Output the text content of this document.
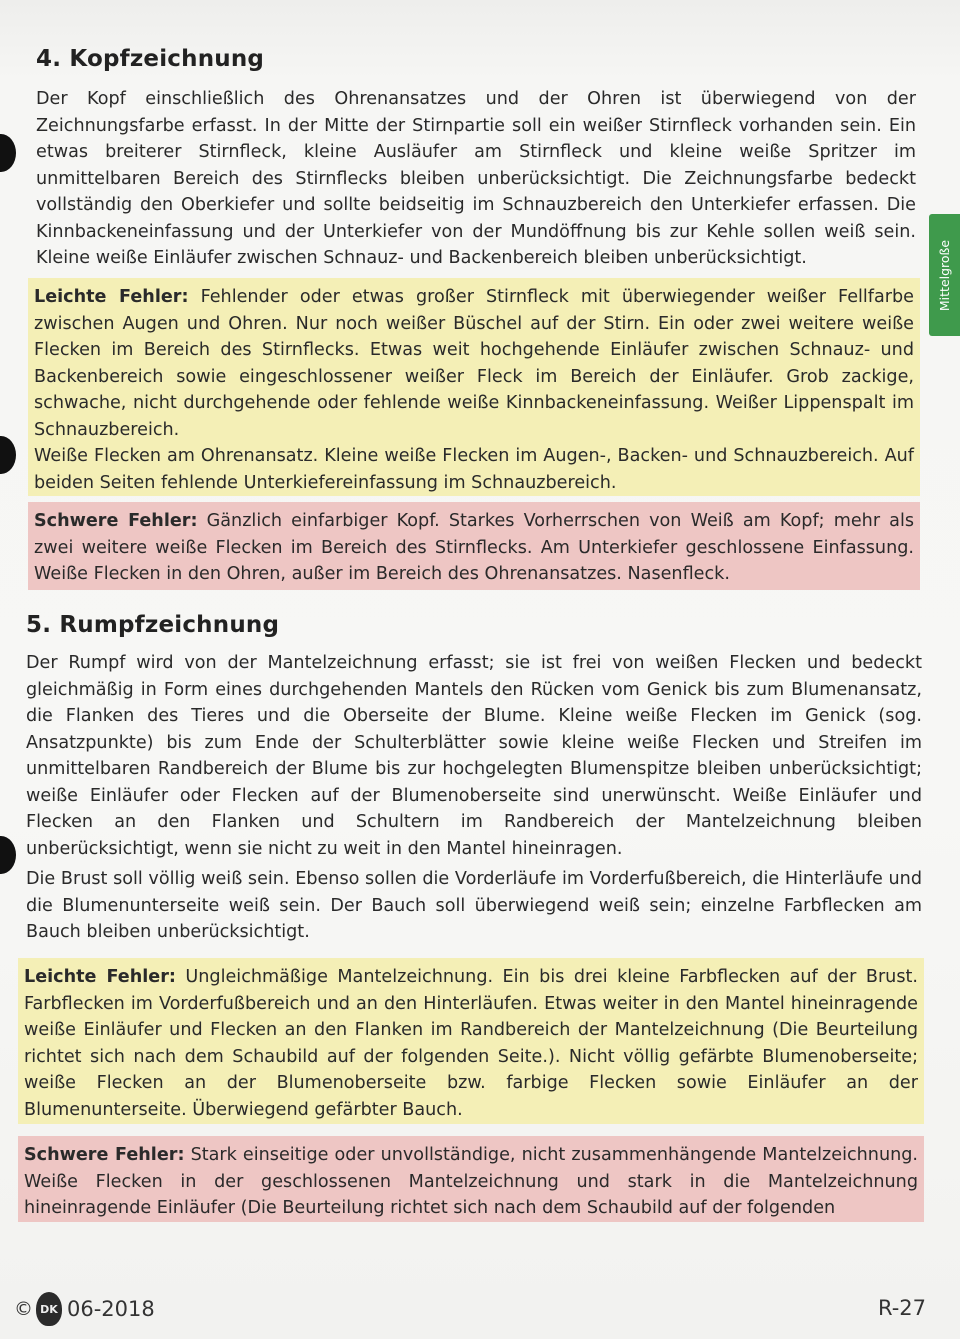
Mittelgroße
4. Kopfzeichnung

Der Kopf einschließlich des Ohrenansatzes und der Ohren ist überwiegend von der Zeichnungsfarbe erfasst. In der Mitte der Stirnpartie soll ein weißer Stirnfleck vorhanden sein. Ein etwas breiterer Stirnfleck, kleine Ausläufer am Stirnfleck und kleine weiße Spritzer im unmittelbaren Bereich des Stirnflecks bleiben unberücksichtigt. Die Zeichnungsfarbe bedeckt vollständig den Oberkiefer und sollte beidseitig im Schnauzbereich den Unterkiefer erfassen. Die Kinnbackeneinfassung und der Unterkiefer von der Mundöffnung bis zur Kehle sollen weiß sein. Kleine weiße Einläufer zwischen Schnauz- und Backenbereich bleiben unberücksichtigt.

Leichte Fehler: Fehlender oder etwas großer Stirnfleck mit überwiegender weißer Fellfarbe zwischen Augen und Ohren. Nur noch weißer Büschel auf der Stirn. Ein oder zwei weitere weiße Flecken im Bereich des Stirnflecks. Etwas weit hochgehende Einläufer zwischen Schnauz- und Backenbereich sowie eingeschlossener weißer Fleck im Bereich der Einläufer. Grob zackige, schwache, nicht durchgehende oder fehlende weiße Kinnbackeneinfassung. Weißer Lippenspalt im Schnauzbereich.

Weiße Flecken am Ohrenansatz. Kleine weiße Flecken im Augen-, Backen- und Schnauzbereich. Auf beiden Seiten fehlende Unterkiefereinfassung im Schnauzbereich.

Schwere Fehler: Gänzlich einfarbiger Kopf. Starkes Vorherrschen von Weiß am Kopf; mehr als zwei weitere weiße Flecken im Bereich des Stirnflecks. Am Unterkiefer geschlossene Einfassung. Weiße Flecken in den Ohren, außer im Bereich des Ohrenansatzes. Nasenfleck.

5. Rumpfzeichnung

Der Rumpf wird von der Mantelzeichnung erfasst; sie ist frei von weißen Flecken und bedeckt gleichmäßig in Form eines durchgehenden Mantels den Rücken vom Genick bis zum Blumenansatz, die Flanken des Tieres und die Oberseite der Blume. Kleine weiße Flecken im Genick (sog. Ansatzpunkte) bis zum Ende der Schulterblätter sowie kleine weiße Flecken und Streifen im unmittelbaren Randbereich der Blume bis zur hochgelegten Blumenspitze bleiben unberücksichtigt; weiße Einläufer oder Flecken auf der Blumenoberseite sind unerwünscht. Weiße Einläufer und Flecken an den Flanken und Schultern im Randbereich der Mantelzeichnung bleiben unberücksichtigt, wenn sie nicht zu weit in den Mantel hineinragen.

Die Brust soll völlig weiß sein. Ebenso sollen die Vorderläufe im Vorderfußbereich, die Hinterläufe und die Blumenunterseite weiß sein. Der Bauch soll überwiegend weiß sein; einzelne Farbflecken am Bauch bleiben unberücksichtigt.

Leichte Fehler: Ungleichmäßige Mantelzeichnung. Ein bis drei kleine Farbflecken auf der Brust. Farbflecken im Vorderfußbereich und an den Hinterläufen. Etwas weiter in den Mantel hineinragende weiße Einläufer und Flecken an den Flanken im Randbereich der Mantelzeichnung (Die Beurteilung richtet sich nach dem Schaubild auf der folgenden Seite.). Nicht völlig gefärbte Blumenoberseite; weiße Flecken an der Blumenoberseite bzw. farbige Flecken sowie Einläufer an der Blumenunterseite. Überwiegend gefärbter Bauch.

Schwere Fehler: Stark einseitige oder unvollständige, nicht zusammenhängende Mantelzeichnung. Weiße Flecken in der geschlossenen Mantelzeichnung und stark in die Mantelzeichnung hineinragende Einläufer (Die Beurteilung richtet sich nach dem Schaubild auf der folgenden

© DK 06-2018	R-27
